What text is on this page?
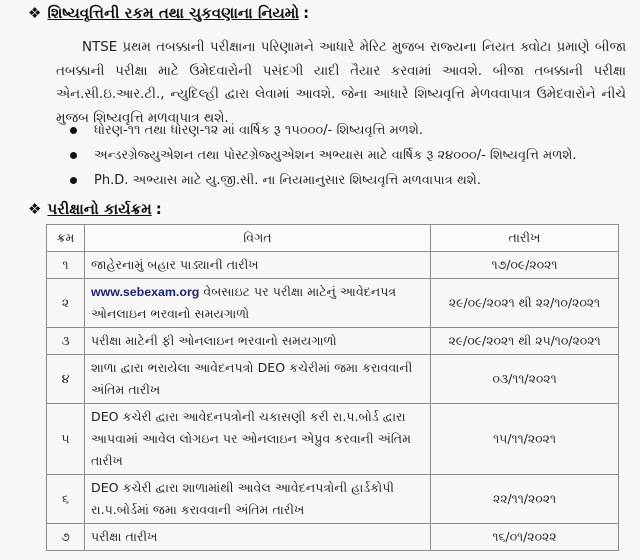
❖ શિષ્યવૃત્તિની રકમ તથા ચુકવણાના નિયમો :
NTSE પ્રથમ તબક્કાની પરીક્ષાના પરિણામને આધારે મેરિટ મુજબ રાજ્યના નિયત ક્વોટા પ્રમાણે બીજા તબક્કાની પરીક્ષા માટે ઉમેદવારોની પસંદગી યાદી તૈયાર કરવામાં આવશે. બીજા તબક્કાની પરીક્ષા એન.સી.ઇ.આર.ટી., ન્યુદિલ્હી દ્વારા લેવામાં આવશે. જેના આધારે શિષ્યવૃત્તિ મેળવવાપાત્ર ઉમેદવારોને નીચે મુજબ શિષ્યવૃત્તિ મળવાપાત્ર થશે.
ધોરણ-૧૧ તથા ધોરણ-૧૨ માં વાર્ષિક રૂ ૧૫૦૦૦/- શિષ્યવૃત્તિ મળશે.
અન્ડરગ્રેજ્યુએશન તથા પોસ્ટગ્રેજ્યુએશન અભ્યાસ માટે વાર્ષિક રૂ ૨૪૦૦૦/- શિષ્યવૃત્તિ મળશે.
Ph.D. અભ્યાસ માટે યુ.જી.સી. ના નિયમાનુસાર શિષ્યવૃત્તિ મળવાપાત્ર થશે.
❖ પરીક્ષાનો કાર્યક્રમ :
ક્રમ	વિગત	તારીખ
૧	જાહેરનામું બહાર પાડ્યાની તારીખ	૧૭/૦૯/૨૦૨૧
૨	www.sebexam.org વેબસાઇટ પર પરીક્ષા માટેનું આવેદનપત્ર ઓનલાઇન ભરવાનો સમયગાળો	૨૯/૦૯/૨૦૨૧ થી ૨૨/૧૦/૨૦૨૧
૩	પરીક્ષા માટેની ફી ઓનલાઇન ભરવાનો સમયગાળો	૨૯/૦૯/૨૦૨૧ થી ૨૫/૧૦/૨૦૨૧
૪	શાળા દ્વારા ભરાયેલા આવેદનપત્રો DEO કચેરીમાં જમા કરાવવાની અંતિમ તારીખ	૦૩/૧૧/૨૦૨૧
૫	DEO કચેરી દ્વારા આવેદનપત્રોની ચકાસણી કરી રા.પ.બોર્ડ દ્વારા આપવામાં આવેલ લોગઇન પર ઓનલાઇન એપ્રુવ કરવાની અંતિમ તારીખ	૧૫/૧૧/૨૦૨૧
૬	DEO કચેરી દ્વારા શાળામાંથી આવેલ આવેદનપત્રોની હાર્ડકોપી રા.પ.બોર્ડમાં જમા કરાવવાની અંતિમ તારીખ	૨૨/૧૧/૨૦૨૧
૭	પરીક્ષા તારીખ	૧૬/૦૧/૨૦૨૨
